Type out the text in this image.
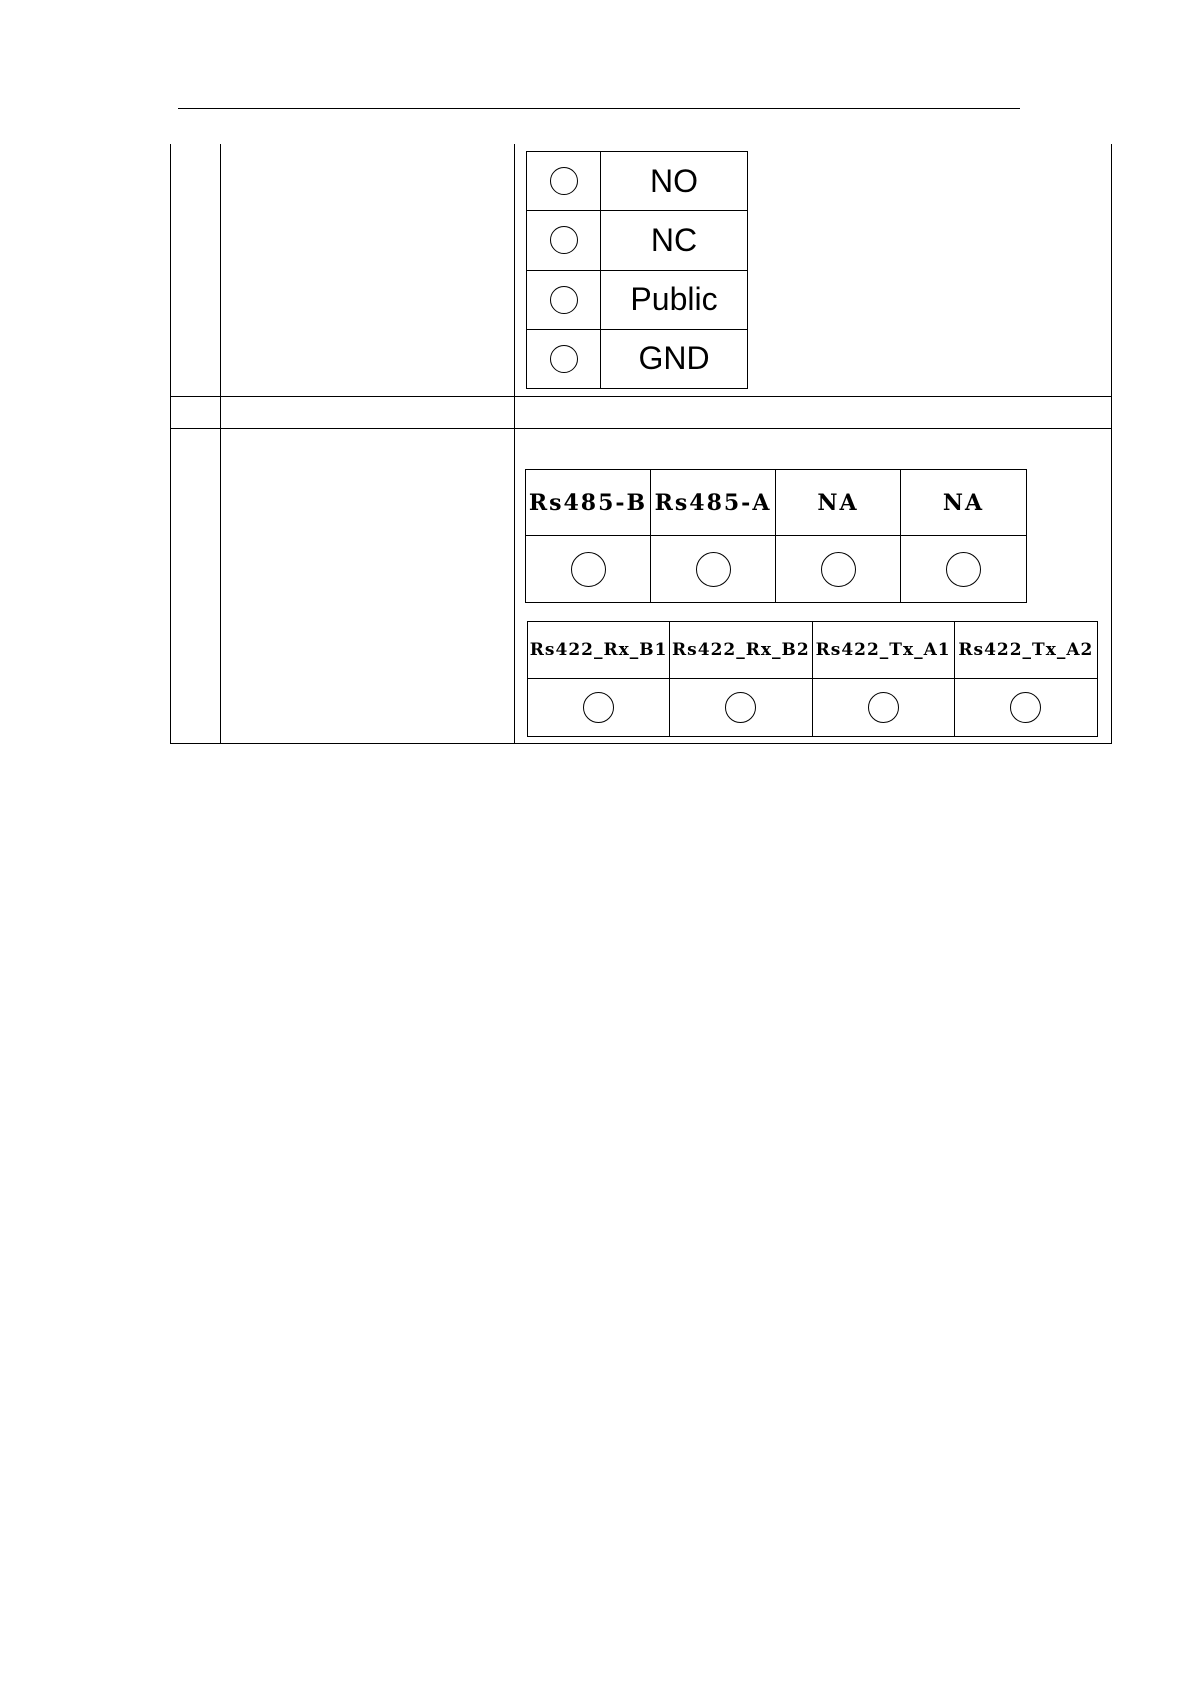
NO
NC
Public
GND
Rs485-B Rs485-A NA	NA
Rs422_Rx_B1 Rs422_Rx_B2 Rs422_Tx_A1 Rs422_Tx_A2
